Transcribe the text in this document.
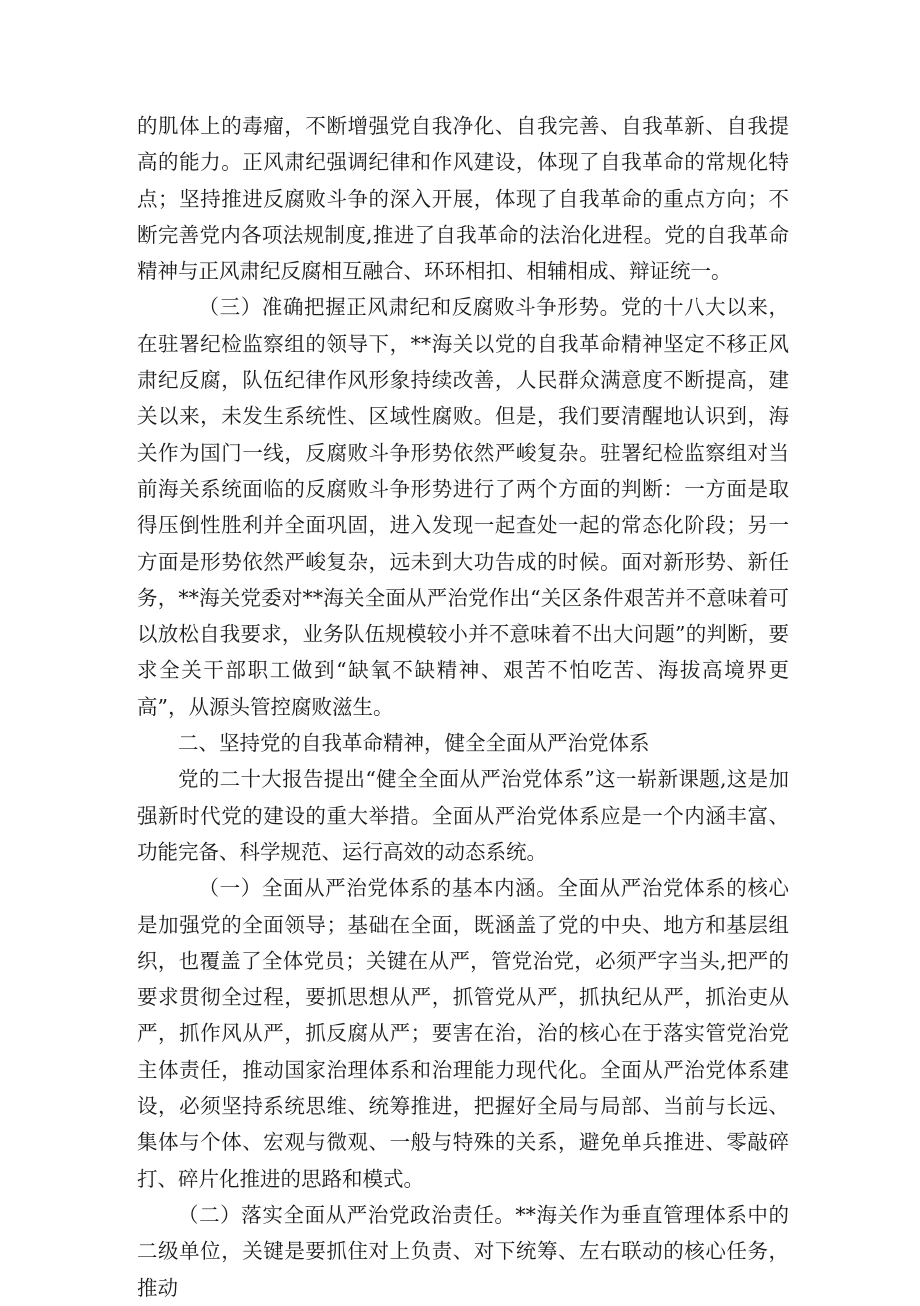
的肌体上的毒瘤，不断增强党自我净化、自我完善、自我革新、自我提高的能力。正风肃纪强调纪律和作风建设，体现了自我革命的常规化特点；坚持推进反腐败斗争的深入开展，体现了自我革命的重点方向；不断完善党内各项法规制度,推进了自我革命的法治化进程。党的自我革命精神与正风肃纪反腐相互融合、环环相扣、相辅相成、辩证统一。

（三）准确把握正风肃纪和反腐败斗争形势。党的十八大以来，在驻署纪检监察组的领导下，**海关以党的自我革命精神坚定不移正风肃纪反腐，队伍纪律作风形象持续改善，人民群众满意度不断提高，建关以来，未发生系统性、区域性腐败。但是，我们要清醒地认识到，海关作为国门一线，反腐败斗争形势依然严峻复杂。驻署纪检监察组对当前海关系统面临的反腐败斗争形势进行了两个方面的判断：一方面是取得压倒性胜利并全面巩固，进入发现一起查处一起的常态化阶段；另一方面是形势依然严峻复杂，远未到大功告成的时候。面对新形势、新任务，**海关党委对**海关全面从严治党作出“关区条件艰苦并不意味着可以放松自我要求，业务队伍规模较小并不意味着不出大问题”的判断，要求全关干部职工做到“缺氧不缺精神、艰苦不怕吃苦、海拔高境界更高”，从源头管控腐败滋生。

二、坚持党的自我革命精神，健全全面从严治党体系

党的二十大报告提出“健全全面从严治党体系”这一崭新课题,这是加强新时代党的建设的重大举措。全面从严治党体系应是一个内涵丰富、功能完备、科学规范、运行高效的动态系统。

（一）全面从严治党体系的基本内涵。全面从严治党体系的核心是加强党的全面领导；基础在全面，既涵盖了党的中央、地方和基层组织，也覆盖了全体党员；关键在从严，管党治党，必须严字当头,把严的要求贯彻全过程，要抓思想从严，抓管党从严，抓执纪从严，抓治吏从严，抓作风从严，抓反腐从严；要害在治，治的核心在于落实管党治党主体责任，推动国家治理体系和治理能力现代化。全面从严治党体系建设，必须坚持系统思维、统筹推进，把握好全局与局部、当前与长远、集体与个体、宏观与微观、一般与特殊的关系，避免单兵推进、零敲碎打、碎片化推进的思路和模式。

（二）落实全面从严治党政治责任。**海关作为垂直管理体系中的二级单位，关键是要抓住对上负责、对下统筹、左右联动的核心任务，推动
